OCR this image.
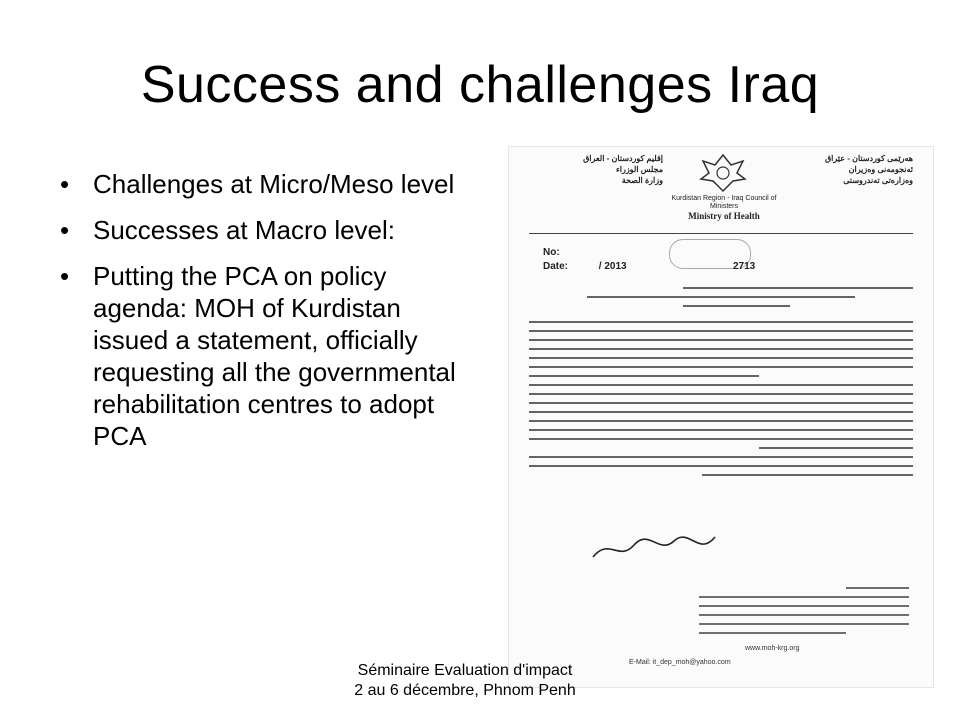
Success and challenges Iraq
• Challenges at Micro/Meso level
• Successes at Macro level:
• Putting the PCA on policy agenda: MOH of Kurdistan issued a statement, officially requesting all the governmental rehabilitation centres to adopt PCA
إقليم كوردستان - العراق
مجلس الوزراء
وزارة الصحة
هەرێمی کوردستان - عێراق
ئەنجومەنی وەزیران
وەزارەتی تەندروستی
Kurdistan Region - Iraq Council of Ministers
Ministry of Health
No:
Date:	/ 2013	2713
www.moh-krg.org
E-Mail: it_dep_moh@yahoo.com
Séminaire Evaluation d'impact
2 au 6 décembre, Phnom Penh
